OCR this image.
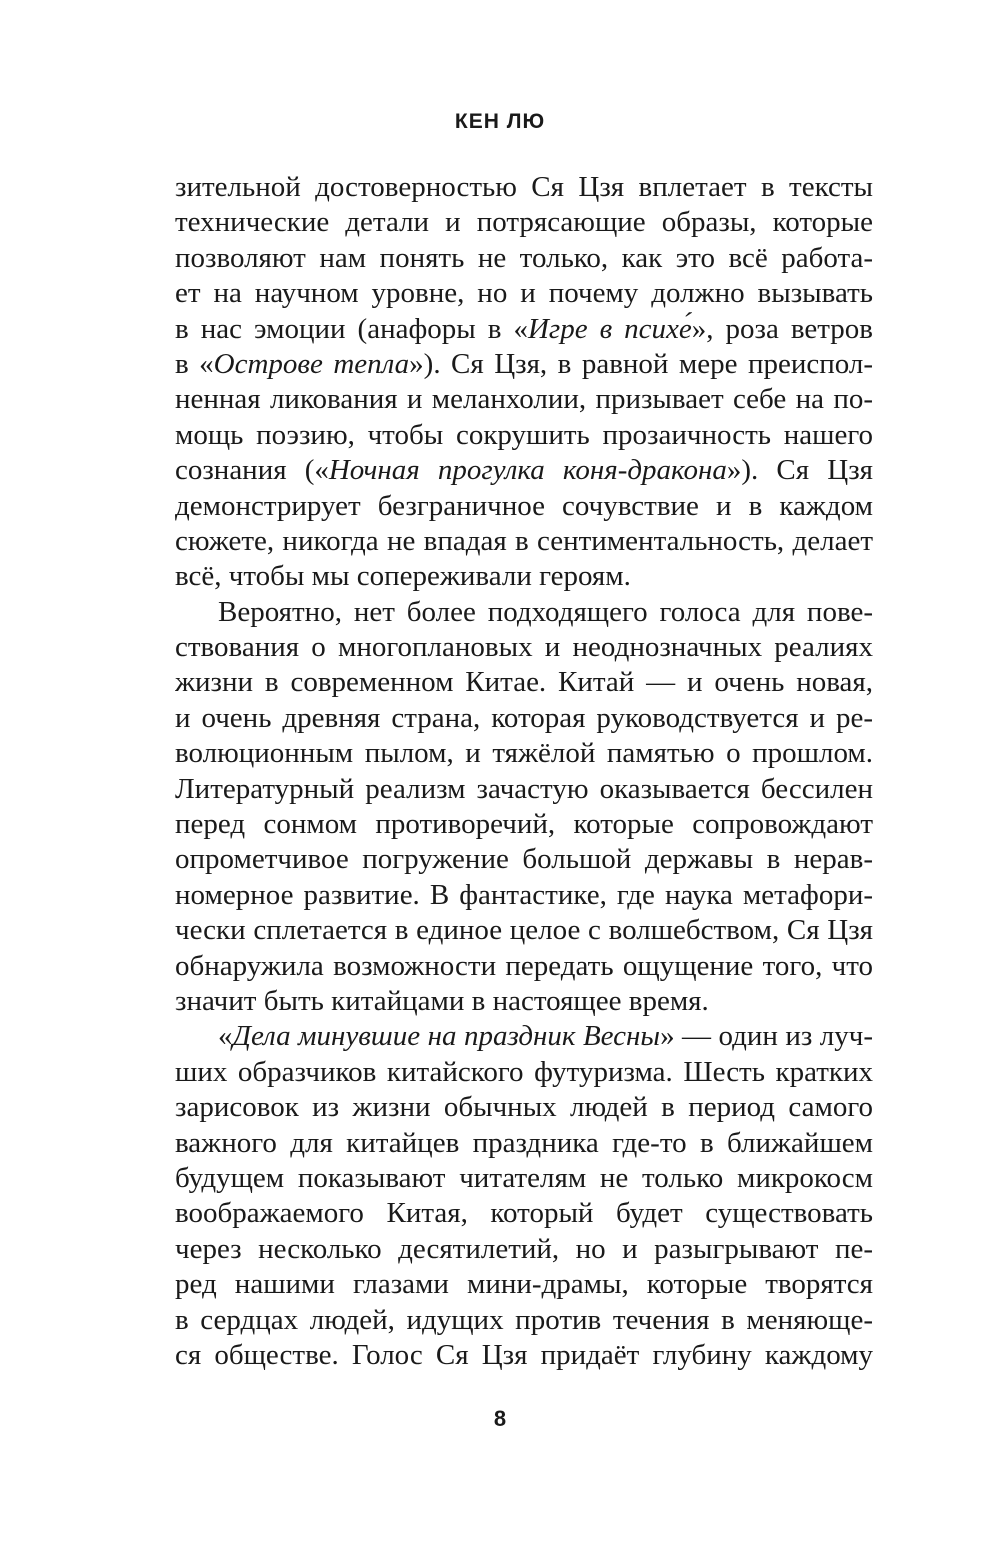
КЕН ЛЮ
зительной достоверностью Ся Цзя вплетает в тексты
технические детали и потрясающие образы, которые
позволяют нам понять не только, как это всё работа-
ет на научном уровне, но и почему должно вызывать
в нас эмоции (анафоры в «Игре в психе́», роза ветров
в «Острове тепла»). Ся Цзя, в равной мере преиспол-
ненная ликования и меланхолии, призывает себе на по-
мощь поэзию, чтобы сокрушить прозаичность нашего
сознания («Ночная прогулка коня-дракона»). Ся Цзя
демонстрирует безграничное сочувствие и в каждом
сюжете, никогда не впадая в сентиментальность, делает
всё, чтобы мы сопереживали героям.
Вероятно, нет более подходящего голоса для пове-
ствования о многоплановых и неоднозначных реалиях
жизни в современном Китае. Китай — и очень новая,
и очень древняя страна, которая руководствуется и ре-
волюционным пылом, и тяжёлой памятью о прошлом.
Литературный реализм зачастую оказывается бессилен
перед сонмом противоречий, которые сопровождают
опрометчивое погружение большой державы в нерав-
номерное развитие. В фантастике, где наука метафори-
чески сплетается в единое целое с волшебством, Ся Цзя
обнаружила возможности передать ощущение того, что
значит быть китайцами в настоящее время.
«Дела минувшие на праздник Весны» — один из луч-
ших образчиков китайского футуризма. Шесть кратких
зарисовок из жизни обычных людей в период самого
важного для китайцев праздника где-то в ближайшем
будущем показывают читателям не только микрокосм
воображаемого Китая, который будет существовать
через несколько десятилетий, но и разыгрывают пе-
ред нашими глазами мини-драмы, которые творятся
в сердцах людей, идущих против течения в меняюще-
ся обществе. Голос Ся Цзя придаёт глубину каждому
8
